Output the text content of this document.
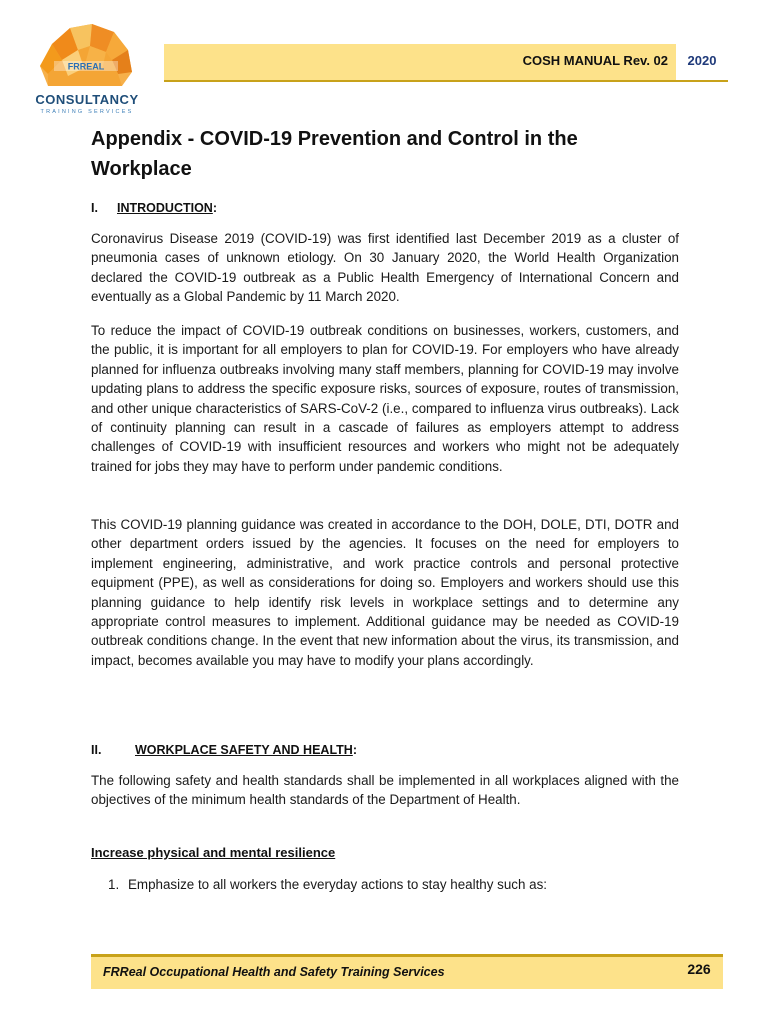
FRREAL
CONSULTANCY
TRAINING SERVICES
COSH MANUAL Rev. 02	2020
Appendix - COVID-19 Prevention and Control in the Workplace
I. INTRODUCTION:

Coronavirus Disease 2019 (COVID-19) was first identified last December 2019 as a cluster of pneumonia cases of unknown etiology. On 30 January 2020, the World Health Organization declared the COVID-19 outbreak as a Public Health Emergency of International Concern and eventually as a Global Pandemic by 11 March 2020.

To reduce the impact of COVID-19 outbreak conditions on businesses, workers, customers, and the public, it is important for all employers to plan for COVID-19. For employers who have already planned for influenza outbreaks involving many staff members, planning for COVID-19 may involve updating plans to address the specific exposure risks, sources of exposure, routes of transmission, and other unique characteristics of SARS-CoV-2 (i.e., compared to influenza virus outbreaks). Lack of continuity planning can result in a cascade of failures as employers attempt to address challenges of COVID-19 with insufficient resources and workers who might not be adequately trained for jobs they may have to perform under pandemic conditions.

This COVID-19 planning guidance was created in accordance to the DOH, DOLE, DTI, DOTR and other department orders issued by the agencies. It focuses on the need for employers to implement engineering, administrative, and work practice controls and personal protective equipment (PPE), as well as considerations for doing so. Employers and workers should use this planning guidance to help identify risk levels in workplace settings and to determine any appropriate control measures to implement. Additional guidance may be needed as COVID-19 outbreak conditions change. In the event that new information about the virus, its transmission, and impact, becomes available you may have to modify your plans accordingly.

II.	WORKPLACE SAFETY AND HEALTH:

The following safety and health standards shall be implemented in all workplaces aligned with the objectives of the minimum health standards of the Department of Health.

Increase physical and mental resilience
1. Emphasize to all workers the everyday actions to stay healthy such as:
FRReal Occupational Health and Safety Training Services	226
